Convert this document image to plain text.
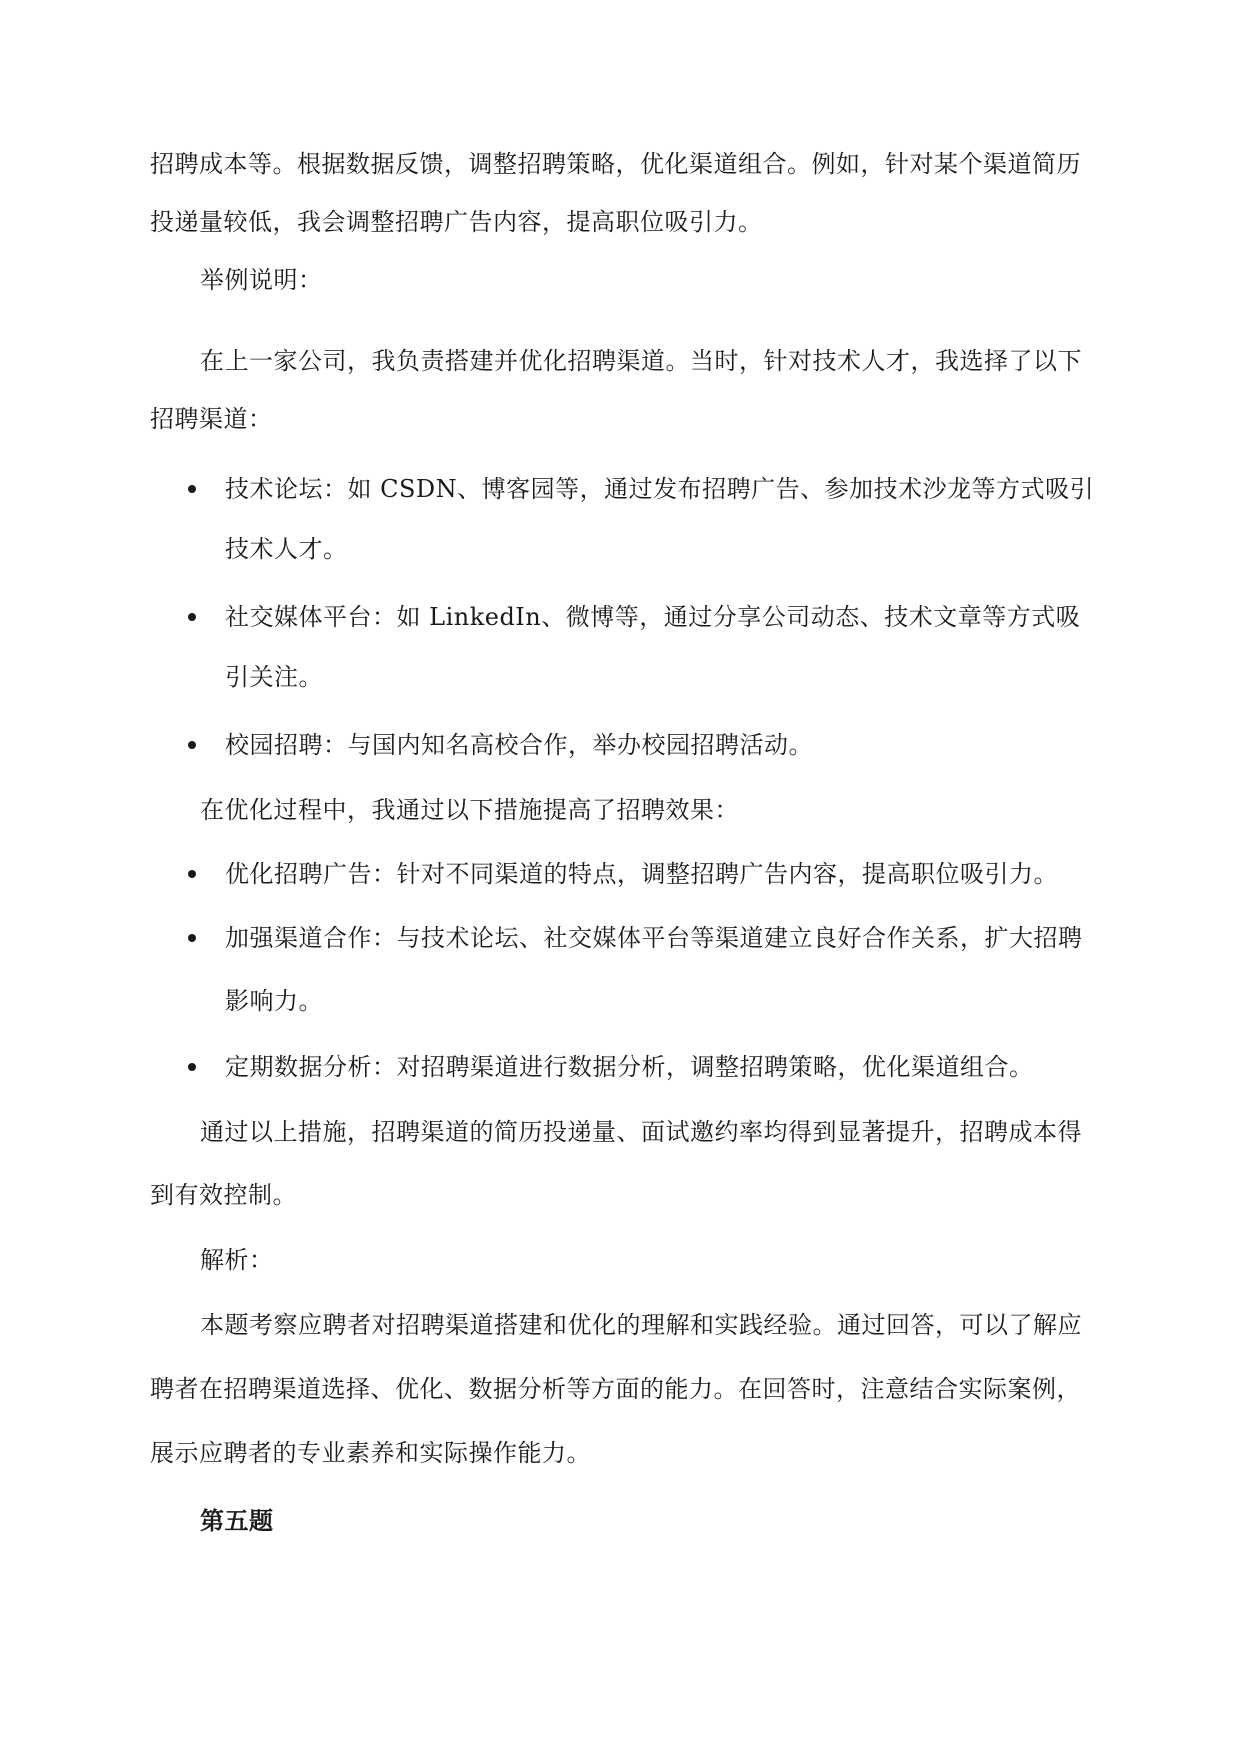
招聘成本等。根据数据反馈，调整招聘策略，优化渠道组合。例如，针对某个渠道简历
投递量较低，我会调整招聘广告内容，提高职位吸引力。
举例说明：
在上一家公司，我负责搭建并优化招聘渠道。当时，针对技术人才，我选择了以下
招聘渠道：
技术论坛：如 CSDN、博客园等，通过发布招聘广告、参加技术沙龙等方式吸引
技术人才。
社交媒体平台：如 LinkedIn、微博等，通过分享公司动态、技术文章等方式吸
引关注。
校园招聘：与国内知名高校合作，举办校园招聘活动。
在优化过程中，我通过以下措施提高了招聘效果：
优化招聘广告：针对不同渠道的特点，调整招聘广告内容，提高职位吸引力。
加强渠道合作：与技术论坛、社交媒体平台等渠道建立良好合作关系，扩大招聘
影响力。
定期数据分析：对招聘渠道进行数据分析，调整招聘策略，优化渠道组合。
通过以上措施，招聘渠道的简历投递量、面试邀约率均得到显著提升，招聘成本得
到有效控制。
解析：
本题考察应聘者对招聘渠道搭建和优化的理解和实践经验。通过回答，可以了解应
聘者在招聘渠道选择、优化、数据分析等方面的能力。在回答时，注意结合实际案例，
展示应聘者的专业素养和实际操作能力。
第五题
